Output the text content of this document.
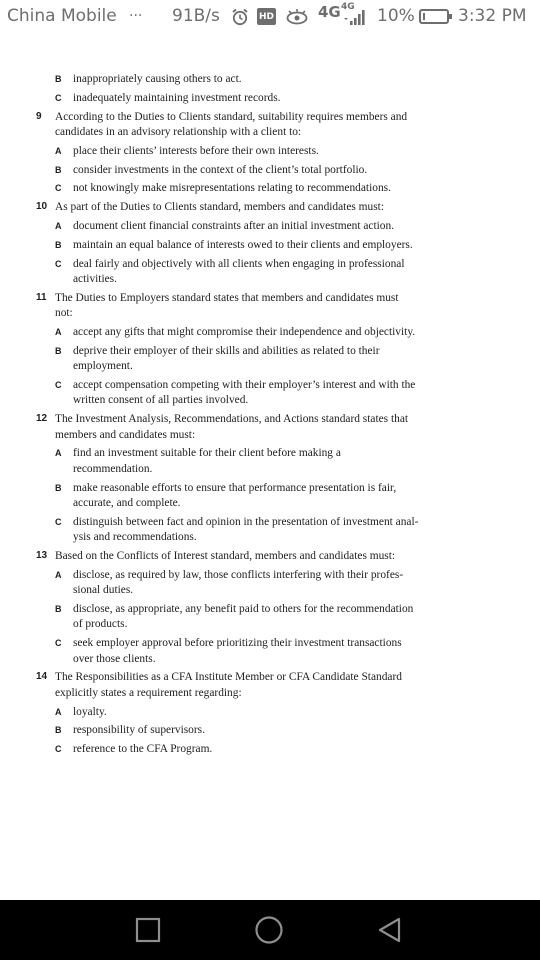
China Mobile ··· 91B/s	HD	4G 4G 10%	3:32 PM
B inappropriately causing others to act.
C inadequately maintaining investment records.
9 According to the Duties to Clients standard, suitability requires members and
candidates in an advisory relationship with a client to:
A place their clients’ interests before their own interests.
B consider investments in the context of the client’s total portfolio.
C not knowingly make misrepresentations relating to recommendations.
10 As part of the Duties to Clients standard, members and candidates must:
A document client financial constraints after an initial investment action.
B maintain an equal balance of interests owed to their clients and employers.
C deal fairly and objectively with all clients when engaging in professional
activities.
11 The Duties to Employers standard states that members and candidates must
not:
A accept any gifts that might compromise their independence and objectivity.
B deprive their employer of their skills and abilities as related to their
employment.
C accept compensation competing with their employer’s interest and with the
written consent of all parties involved.
12 The Investment Analysis, Recommendations, and Actions standard states that
members and candidates must:
A find an investment suitable for their client before making a
recommendation.
B make reasonable efforts to ensure that performance presentation is fair,
accurate, and complete.
C distinguish between fact and opinion in the presentation of investment anal-
ysis and recommendations.
13 Based on the Conflicts of Interest standard, members and candidates must:
A disclose, as required by law, those conflicts interfering with their profes-
sional duties.
B disclose, as appropriate, any benefit paid to others for the recommendation
of products.
C seek employer approval before prioritizing their investment transactions
over those clients.
14 The Responsibilities as a CFA Institute Member or CFA Candidate Standard
explicitly states a requirement regarding:
A loyalty.
B responsibility of supervisors.
C reference to the CFA Program.
